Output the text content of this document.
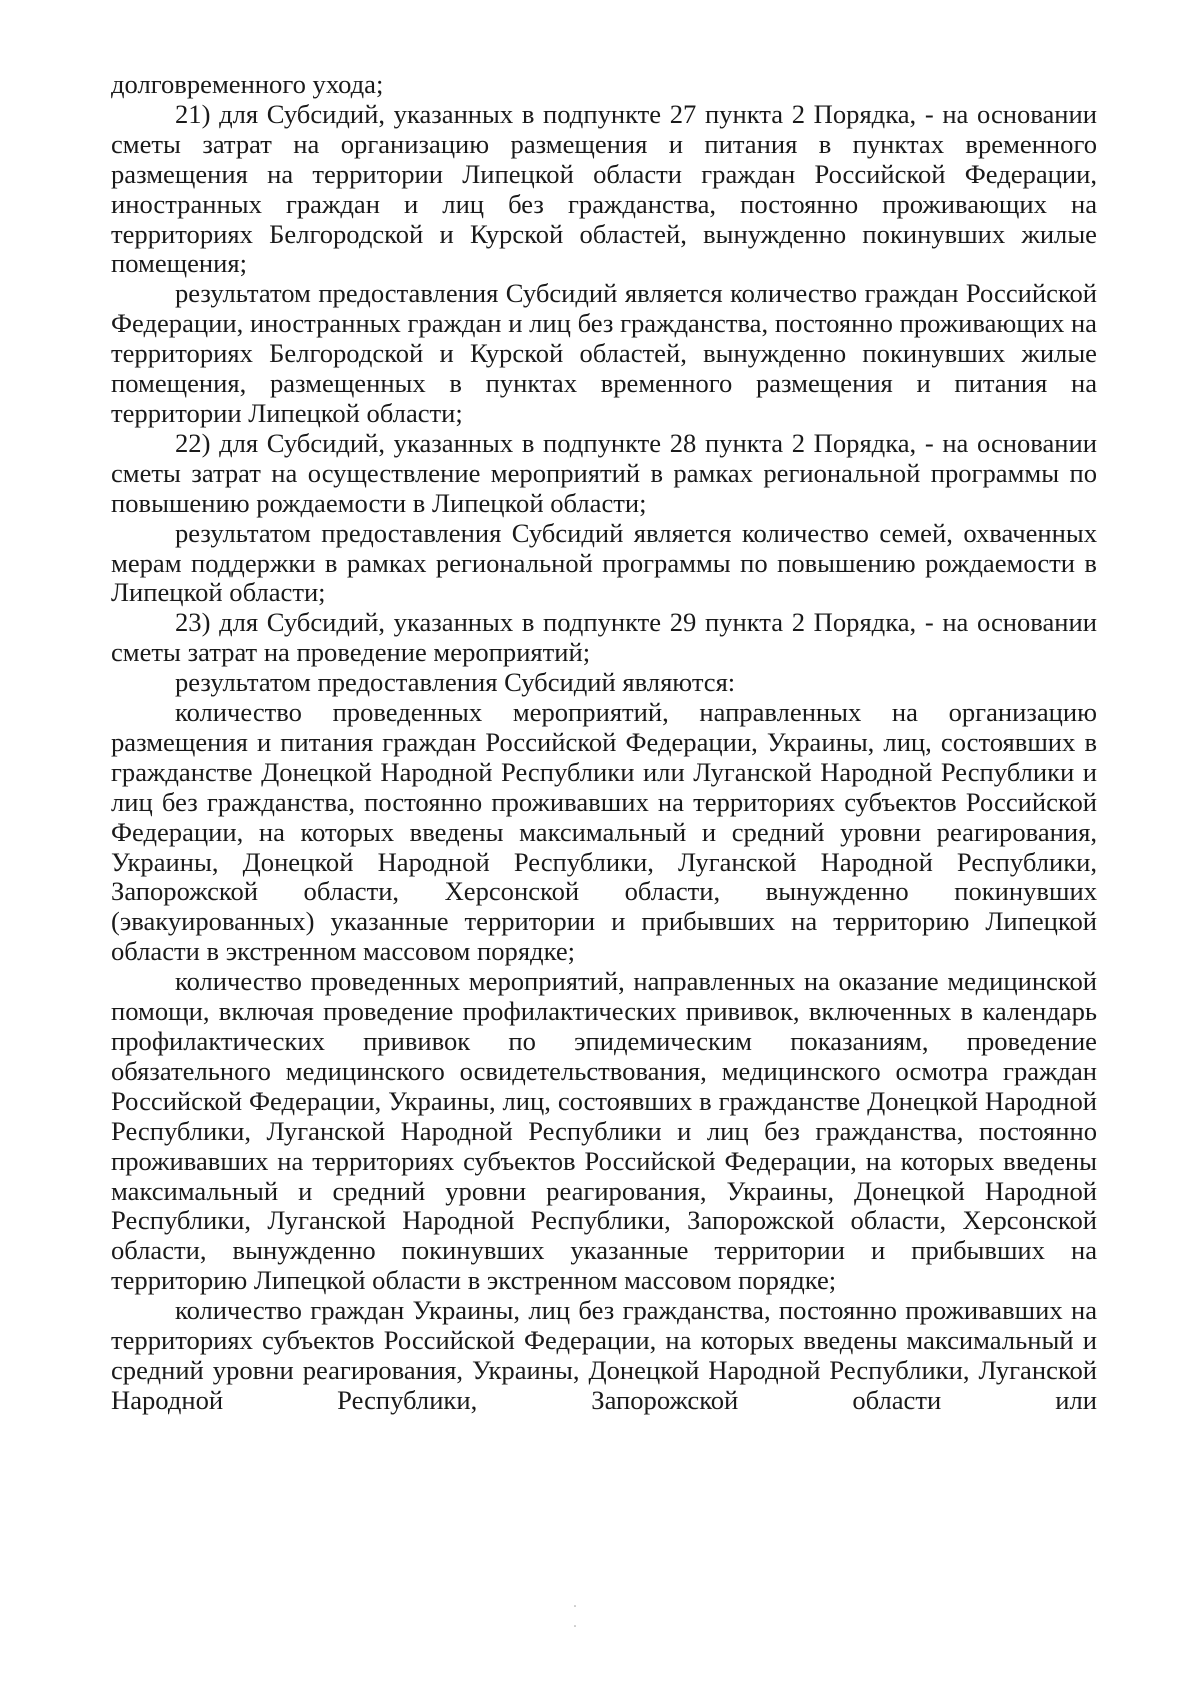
долговременного ухода;

21) для Субсидий, указанных в подпункте 27 пункта 2 Порядка, - на основании сметы затрат на организацию размещения и питания в пунктах временного размещения на территории Липецкой области граждан Российской Федерации, иностранных граждан и лиц без гражданства, постоянно проживающих на территориях Белгородской и Курской областей, вынужденно покинувших жилые помещения;

результатом предоставления Субсидий является количество граждан Российской Федерации, иностранных граждан и лиц без гражданства, постоянно проживающих на территориях Белгородской и Курской областей, вынужденно покинувших жилые помещения, размещенных в пунктах временного размещения и питания на территории Липецкой области;

22) для Субсидий, указанных в подпункте 28 пункта 2 Порядка, - на основании сметы затрат на осуществление мероприятий в рамках региональной программы по повышению рождаемости в Липецкой области;

результатом предоставления Субсидий является количество семей, охваченных мерам поддержки в рамках региональной программы по повышению рождаемости в Липецкой области;

23) для Субсидий, указанных в подпункте 29 пункта 2 Порядка, - на основании сметы затрат на проведение мероприятий;

результатом предоставления Субсидий являются:

количество проведенных мероприятий, направленных на организацию размещения и питания граждан Российской Федерации, Украины, лиц, состоявших в гражданстве Донецкой Народной Республики или Луганской Народной Республики и лиц без гражданства, постоянно проживавших на территориях субъектов Российской Федерации, на которых введены максимальный и средний уровни реагирования, Украины, Донецкой Народной Республики, Луганской Народной Республики, Запорожской области, Херсонской области, вынужденно покинувших (эвакуированных) указанные территории и прибывших на территорию Липецкой области в экстренном массовом порядке;

количество проведенных мероприятий, направленных на оказание медицинской помощи, включая проведение профилактических прививок, включенных в календарь профилактических прививок по эпидемическим показаниям, проведение обязательного медицинского освидетельствования, медицинского осмотра граждан Российской Федерации, Украины, лиц, состоявших в гражданстве Донецкой Народной Республики, Луганской Народной Республики и лиц без гражданства, постоянно проживавших на территориях субъектов Российской Федерации, на которых введены максимальный и средний уровни реагирования, Украины, Донецкой Народной Республики, Луганской Народной Республики, Запорожской области, Херсонской области, вынужденно покинувших указанные территории и прибывших на территорию Липецкой области в экстренном массовом порядке;

количество граждан Украины, лиц без гражданства, постоянно проживавших на территориях субъектов Российской Федерации, на которых введены максимальный и средний уровни реагирования, Украины, Донецкой Народной Республики, Луганской Народной Республики, Запорожской области или
